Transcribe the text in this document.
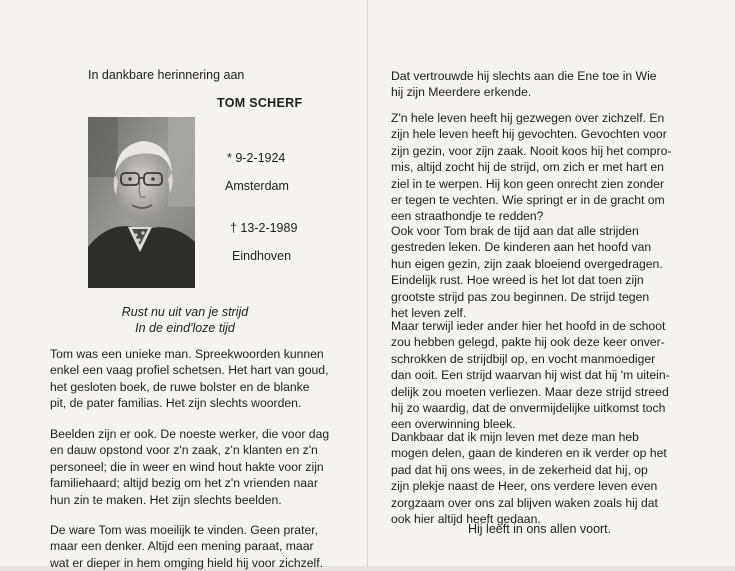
In dankbare herinnering aan
TOM SCHERF
* 9-2-1924
Amsterdam
† 13-2-1989
Eindhoven
Rust nu uit van je strijd
In de eind'loze tijd
Tom was een unieke man. Spreekwoorden kunnen
enkel een vaag profiel schetsen. Het hart van goud,
het gesloten boek, de ruwe bolster en de blanke
pit, de pater familias. Het zijn slechts woorden.
Beelden zijn er ook. De noeste werker, die voor dag
en dauw opstond voor z'n zaak, z'n klanten en z'n
personeel; die in weer en wind hout hakte voor zijn
familiehaard; altijd bezig om het z'n vrienden naar
hun zin te maken. Het zijn slechts beelden.
De ware Tom was moeilijk te vinden. Geen prater,
maar een denker. Altijd een mening paraat, maar
wat er dieper in hem omging hield hij voor zichzelf.
Dat vertrouwde hij slechts aan die Ene toe in Wie
hij zijn Meerdere erkende.
Z'n hele leven heeft hij gezwegen over zichzelf. En
zijn hele leven heeft hij gevochten. Gevochten voor
zijn gezin, voor zijn zaak. Nooit koos hij het compro-
mis, altijd zocht hij de strijd, om zich er met hart en
ziel in te werpen. Hij kon geen onrecht zien zonder
er tegen te vechten. Wie springt er in de gracht om
een straathondje te redden?
Ook voor Tom brak de tijd aan dat alle strijden
gestreden leken. De kinderen aan het hoofd van
hun eigen gezin, zijn zaak bloeiend overgedragen.
Eindelijk rust. Hoe wreed is het lot dat toen zijn
grootste strijd pas zou beginnen. De strijd tegen
het leven zelf.
Maar terwijl ieder ander hier het hoofd in de schoot
zou hebben gelegd, pakte hij ook deze keer onver-
schrokken de strijdbijl op, en vocht manmoediger
dan ooit. Een strijd waarvan hij wist dat hij 'm uitein-
delijk zou moeten verliezen. Maar deze strijd streed
hij zo waardig, dat de onvermijdelijke uitkomst toch
een overwinning bleek.
Dankbaar dat ik mijn leven met deze man heb
mogen delen, gaan de kinderen en ik verder op het
pad dat hij ons wees, in de zekerheid dat hij, op
zijn plekje naast de Heer, ons verdere leven even
zorgzaam over ons zal blijven waken zoals hij dat
ook hier altijd heeft gedaan.
Hij leeft in ons allen voort.
